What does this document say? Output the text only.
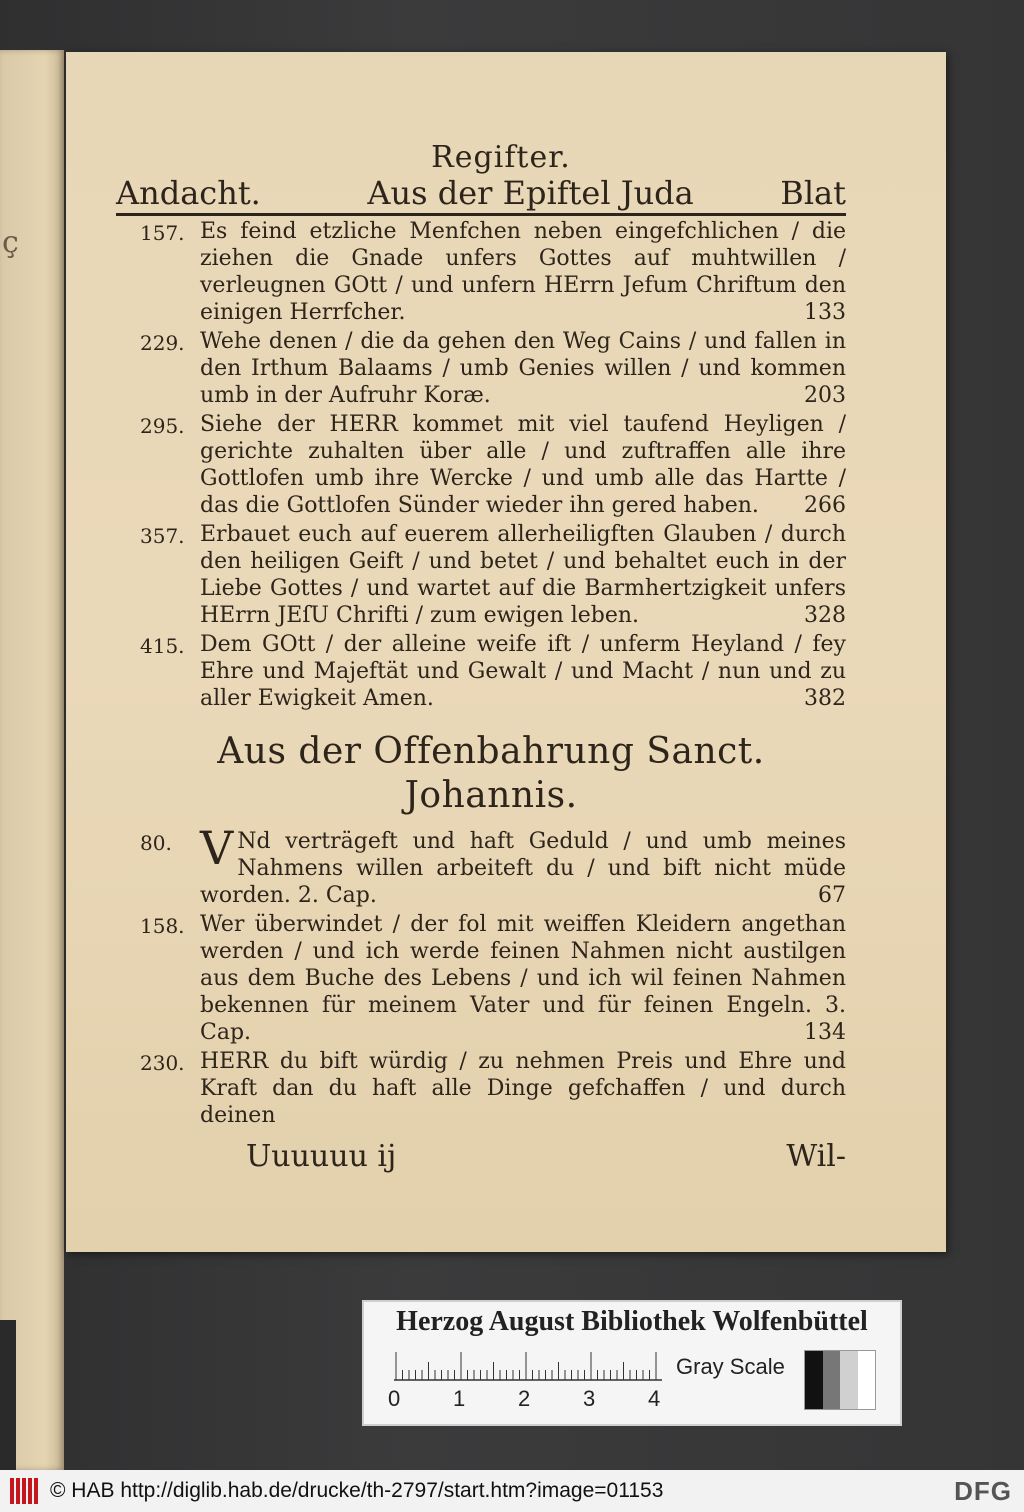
ç
Regifter.
Andacht.	Aus der Epiftel Juda	Blat
157. Es feind etzliche Menfchen neben eingefchlichen / die ziehen die Gnade unfers Gottes auf muhtwillen / verleugnen GOtt / und unfern HErrn Jefum Chriftum den einigen Herrfcher.	133
229. Wehe denen / die da gehen den Weg Cains / und fallen in den Irthum Balaams / umb Genies willen / und kommen umb in der Aufruhr Koræ.	203
295. Siehe der HERR kommet mit viel taufend Heyligen / gerichte zuhalten über alle / und zuftraffen alle ihre Gottlofen umb ihre Wercke / und umb alle das Hartte / das die Gottlofen Sünder wieder ihn gered haben.	266
357. Erbauet euch auf euerem allerheiligften Glauben / durch den heiligen Geift / und betet / und behaltet euch in der Liebe Gottes / und wartet auf die Barmhertzigkeit unfers HErrn JEſU Chrifti / zum ewigen leben.	328
415. Dem GOtt / der alleine weife ift / unferm Heyland / fey Ehre und Majeftät und Gewalt / und Macht / nun und zu aller Ewigkeit Amen.	382
Aus der Offenbahrung Sanct. Johannis.
80. V Nd verträgeft und haft Geduld / und umb meines Nahmens willen arbeiteft du / und bift nicht müde worden. 2. Cap.	67
158. Wer überwindet / der fol mit weiffen Kleidern angethan werden / und ich werde feinen Nahmen nicht austilgen aus dem Buche des Lebens / und ich wil feinen Nahmen bekennen für meinem Vater und für feinen Engeln. 3. Cap.	134
230. HERR du bift würdig / zu nehmen Preis und Ehre und Kraft dan du haft alle Dinge gefchaffen / und durch deinen
Uuuuuu ij	Wil-
Herzog August Bibliothek Wolfenbüttel
0 1 2 3 4
Gray Scale
© HAB http://diglib.hab.de/drucke/th-2797/start.htm?image=01153	DFG
